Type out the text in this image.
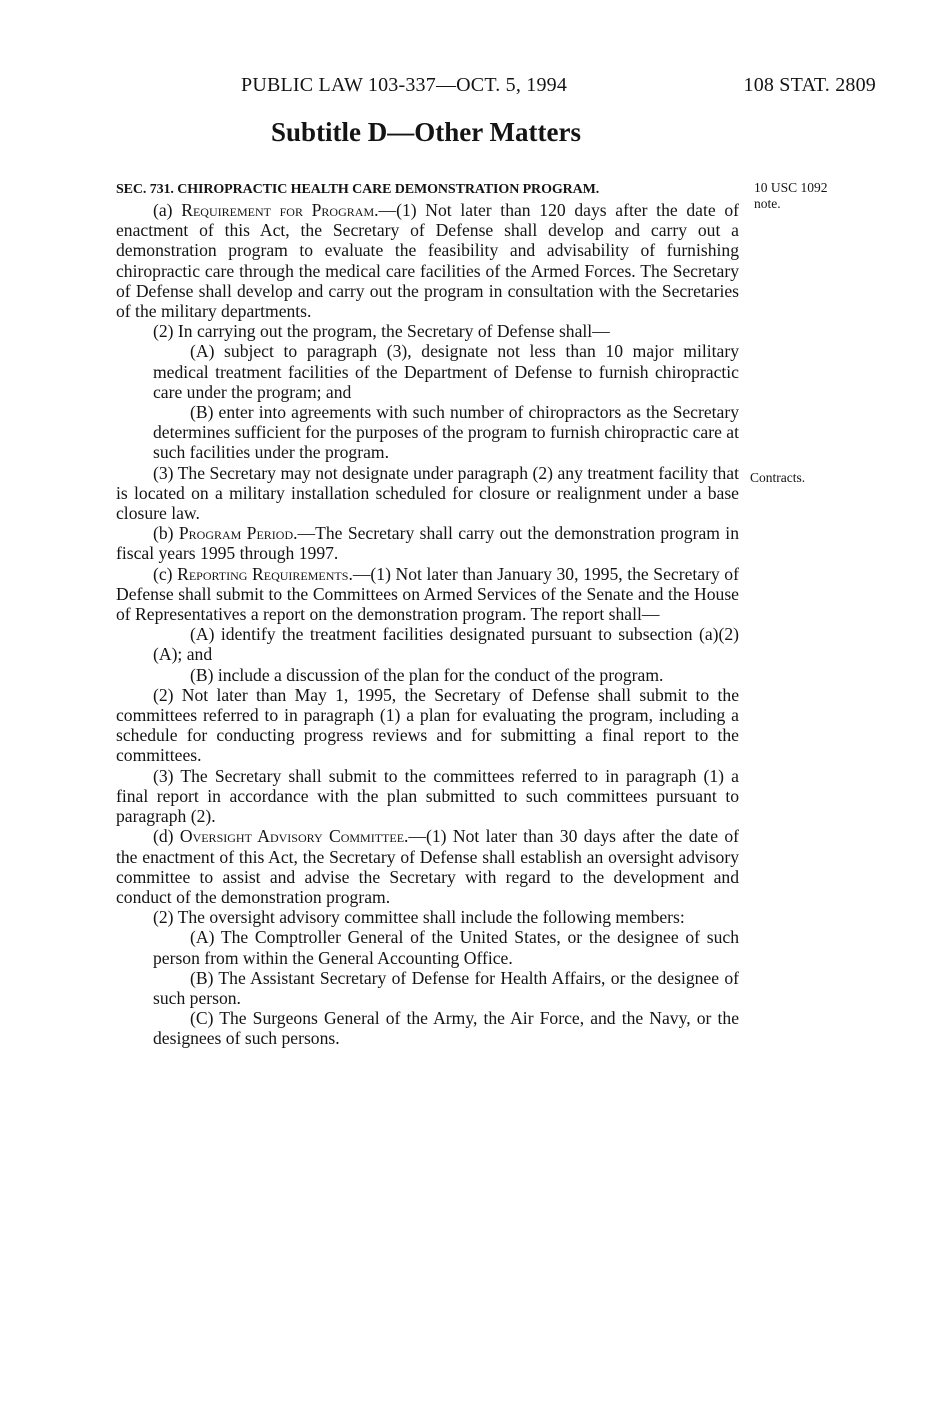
PUBLIC LAW 103-337—OCT. 5, 1994	108 STAT. 2809
Subtitle D—Other Matters
10 USC 1092
note.
Contracts.

SEC. 731. CHIROPRACTIC HEALTH CARE DEMONSTRATION PROGRAM.

(a) Requirement for Program.—(1) Not later than 120 days after the date of enactment of this Act, the Secretary of Defense shall develop and carry out a demonstration program to evaluate the feasibility and advisability of furnishing chiropractic care through the medical care facilities of the Armed Forces. The Secretary of Defense shall develop and carry out the program in consultation with the Secretaries of the military departments.

(2) In carrying out the program, the Secretary of Defense shall—

(A) subject to paragraph (3), designate not less than 10 major military medical treatment facilities of the Department of Defense to furnish chiropractic care under the program; and

(B) enter into agreements with such number of chiropractors as the Secretary determines sufficient for the purposes of the program to furnish chiropractic care at such facilities under the program.

(3) The Secretary may not designate under paragraph (2) any treatment facility that is located on a military installation scheduled for closure or realignment under a base closure law.

(b) Program Period.—The Secretary shall carry out the demonstration program in fiscal years 1995 through 1997.

(c) Reporting Requirements.—(1) Not later than January 30, 1995, the Secretary of Defense shall submit to the Committees on Armed Services of the Senate and the House of Representatives a report on the demonstration program. The report shall—

(A) identify the treatment facilities designated pursuant to subsection (a)(2)(A); and

(B) include a discussion of the plan for the conduct of the program.

(2) Not later than May 1, 1995, the Secretary of Defense shall submit to the committees referred to in paragraph (1) a plan for evaluating the program, including a schedule for conducting progress reviews and for submitting a final report to the committees.

(3) The Secretary shall submit to the committees referred to in paragraph (1) a final report in accordance with the plan submitted to such committees pursuant to paragraph (2).

(d) Oversight Advisory Committee.—(1) Not later than 30 days after the date of the enactment of this Act, the Secretary of Defense shall establish an oversight advisory committee to assist and advise the Secretary with regard to the development and conduct of the demonstration program.

(2) The oversight advisory committee shall include the following members:

(A) The Comptroller General of the United States, or the designee of such person from within the General Accounting Office.

(B) The Assistant Secretary of Defense for Health Affairs, or the designee of such person.

(C) The Surgeons General of the Army, the Air Force, and the Navy, or the designees of such persons.
